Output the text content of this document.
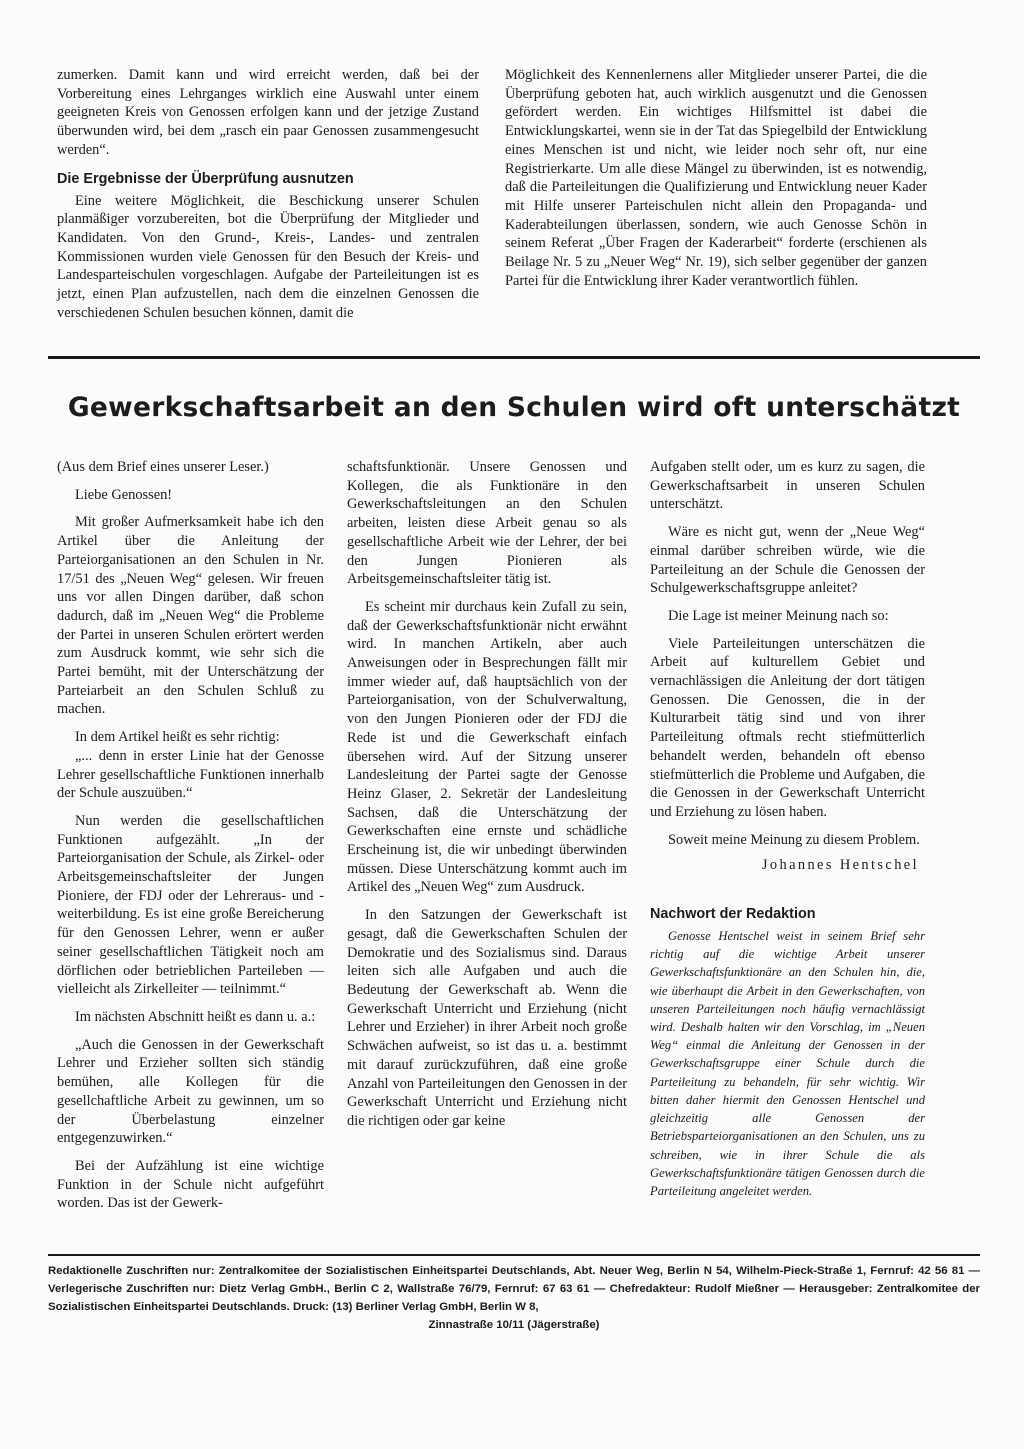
zumerken. Damit kann und wird erreicht werden, daß bei der Vorbereitung eines Lehrganges wirklich eine Auswahl unter einem geeigneten Kreis von Genossen erfolgen kann und der jetzige Zustand überwunden wird, bei dem „rasch ein paar Genossen zusammengesucht werden“.

Die Ergebnisse der Überprüfung ausnutzen

Eine weitere Möglichkeit, die Beschickung unserer Schulen planmäßiger vorzubereiten, bot die Überprüfung der Mitglieder und Kandidaten. Von den Grund-, Kreis-, Landes- und zentralen Kommissionen wurden viele Genossen für den Besuch der Kreis- und Landesparteischulen vorgeschlagen. Aufgabe der Parteileitungen ist es jetzt, einen Plan aufzustellen, nach dem die einzelnen Genossen die verschiedenen Schulen besuchen können, damit die

Möglichkeit des Kennenlernens aller Mitglieder unserer Partei, die die Überprüfung geboten hat, auch wirklich ausgenutzt und die Genossen gefördert werden. Ein wichtiges Hilfsmittel ist dabei die Entwicklungskartei, wenn sie in der Tat das Spiegelbild der Entwicklung eines Menschen ist und nicht, wie leider noch sehr oft, nur eine Registrierkarte. Um alle diese Mängel zu überwinden, ist es notwendig, daß die Parteileitungen die Qualifizierung und Entwicklung neuer Kader mit Hilfe unserer Parteischulen nicht allein den Propaganda- und Kaderabteilungen überlassen, sondern, wie auch Genosse Schön in seinem Referat „Über Fragen der Kaderarbeit“ forderte (erschienen als Beilage Nr. 5 zu „Neuer Weg“ Nr. 19), sich selber gegenüber der ganzen Partei für die Entwicklung ihrer Kader verantwortlich fühlen.

Gewerkschaftsarbeit an den Schulen wird oft unterschätzt

(Aus dem Brief eines unserer Leser.)

Liebe Genossen!

Mit großer Aufmerksamkeit habe ich den Artikel über die Anleitung der Parteiorganisationen an den Schulen in Nr. 17/51 des „Neuen Weg“ gelesen. Wir freuen uns vor allen Dingen darüber, daß schon dadurch, daß im „Neuen Weg“ die Probleme der Partei in unseren Schulen erörtert werden zum Ausdruck kommt, wie sehr sich die Partei bemüht, mit der Unterschätzung der Parteiarbeit an den Schulen Schluß zu machen.

In dem Artikel heißt es sehr richtig:

„... denn in erster Linie hat der Genosse Lehrer gesellschaftliche Funktionen innerhalb der Schule auszuüben.“

Nun werden die gesellschaftlichen Funktionen aufgezählt. „In der Parteiorganisation der Schule, als Zirkel- oder Arbeitsgemeinschaftsleiter der Jungen Pioniere, der FDJ oder der Lehreraus- und -weiterbildung. Es ist eine große Bereicherung für den Genossen Lehrer, wenn er außer seiner gesellschaftlichen Tätigkeit noch am dörflichen oder betrieblichen Parteileben — vielleicht als Zirkelleiter — teilnimmt.“

Im nächsten Abschnitt heißt es dann u. a.:

„Auch die Genossen in der Gewerkschaft Lehrer und Erzieher sollten sich ständig bemühen, alle Kollegen für die gesellchaftliche Arbeit zu gewinnen, um so der Überbelastung einzelner entgegenzuwirken.“

Bei der Aufzählung ist eine wichtige Funktion in der Schule nicht aufgeführt worden. Das ist der Gewerk-

schaftsfunktionär. Unsere Genossen und Kollegen, die als Funktionäre in den Gewerkschaftsleitungen an den Schulen arbeiten, leisten diese Arbeit genau so als gesellschaftliche Arbeit wie der Lehrer, der bei den Jungen Pionieren als Arbeitsgemeinschaftsleiter tätig ist.

Es scheint mir durchaus kein Zufall zu sein, daß der Gewerkschaftsfunktionär nicht erwähnt wird. In manchen Artikeln, aber auch Anweisungen oder in Besprechungen fällt mir immer wieder auf, daß hauptsächlich von der Parteiorganisation, von der Schulverwaltung, von den Jungen Pionieren oder der FDJ die Rede ist und die Gewerkschaft einfach übersehen wird. Auf der Sitzung unserer Landesleitung der Partei sagte der Genosse Heinz Glaser, 2. Sekretär der Landesleitung Sachsen, daß die Unterschätzung der Gewerkschaften eine ernste und schädliche Erscheinung ist, die wir unbedingt überwinden müssen. Diese Unterschätzung kommt auch im Artikel des „Neuen Weg“ zum Ausdruck.

In den Satzungen der Gewerkschaft ist gesagt, daß die Gewerkschaften Schulen der Demokratie und des Sozialismus sind. Daraus leiten sich alle Aufgaben und auch die Bedeutung der Gewerkschaft ab. Wenn die Gewerkschaft Unterricht und Erziehung (nicht Lehrer und Erzieher) in ihrer Arbeit noch große Schwächen aufweist, so ist das u. a. bestimmt mit darauf zurückzuführen, daß eine große Anzahl von Parteileitungen den Genossen in der Gewerkschaft Unterricht und Erziehung nicht die richtigen oder gar keine

Aufgaben stellt oder, um es kurz zu sagen, die Gewerkschaftsarbeit in unseren Schulen unterschätzt.

Wäre es nicht gut, wenn der „Neue Weg“ einmal darüber schreiben würde, wie die Parteileitung an der Schule die Genossen der Schulgewerkschaftsgruppe anleitet?

Die Lage ist meiner Meinung nach so:

Viele Parteileitungen unterschätzen die Arbeit auf kulturellem Gebiet und vernachlässigen die Anleitung der dort tätigen Genossen. Die Genossen, die in der Kulturarbeit tätig sind und von ihrer Parteileitung oftmals recht stiefmütterlich behandelt werden, behandeln oft ebenso stiefmütterlich die Probleme und Aufgaben, die die Genossen in der Gewerkschaft Unterricht und Erziehung zu lösen haben.

Soweit meine Meinung zu diesem Problem.

Johannes Hentschel

Nachwort der Redaktion

Genosse Hentschel weist in seinem Brief sehr richtig auf die wichtige Arbeit unserer Gewerkschaftsfunktionäre an den Schulen hin, die, wie überhaupt die Arbeit in den Gewerkschaften, von unseren Parteileitungen noch häufig vernachlässigt wird. Deshalb halten wir den Vorschlag, im „Neuen Weg“ einmal die Anleitung der Genossen in der Gewerkschaftsgruppe einer Schule durch die Parteileitung zu behandeln, für sehr wichtig. Wir bitten daher hiermit den Genossen Hentschel und gleichzeitig alle Genossen der Betriebsparteiorganisationen an den Schulen, uns zu schreiben, wie in ihrer Schule die als Gewerkschaftsfunktionäre tätigen Genossen durch die Parteileitung angeleitet werden.

Redaktionelle Zuschriften nur: Zentralkomitee der Sozialistischen Einheitspartei Deutschlands, Abt. Neuer Weg, Berlin N 54, Wilhelm-Pieck-Straße 1, Fernruf: 42 56 81 — Verlegerische Zuschriften nur: Dietz Verlag GmbH., Berlin C 2, Wallstraße 76/79, Fernruf: 67 63 61 — Chefredakteur: Rudolf Mießner — Herausgeber: Zentralkomitee der Sozialistischen Einheitspartei Deutschlands. Druck: (13) Berliner Verlag GmbH, Berlin W 8,
Zinnastraße 10/11 (Jägerstraße)
